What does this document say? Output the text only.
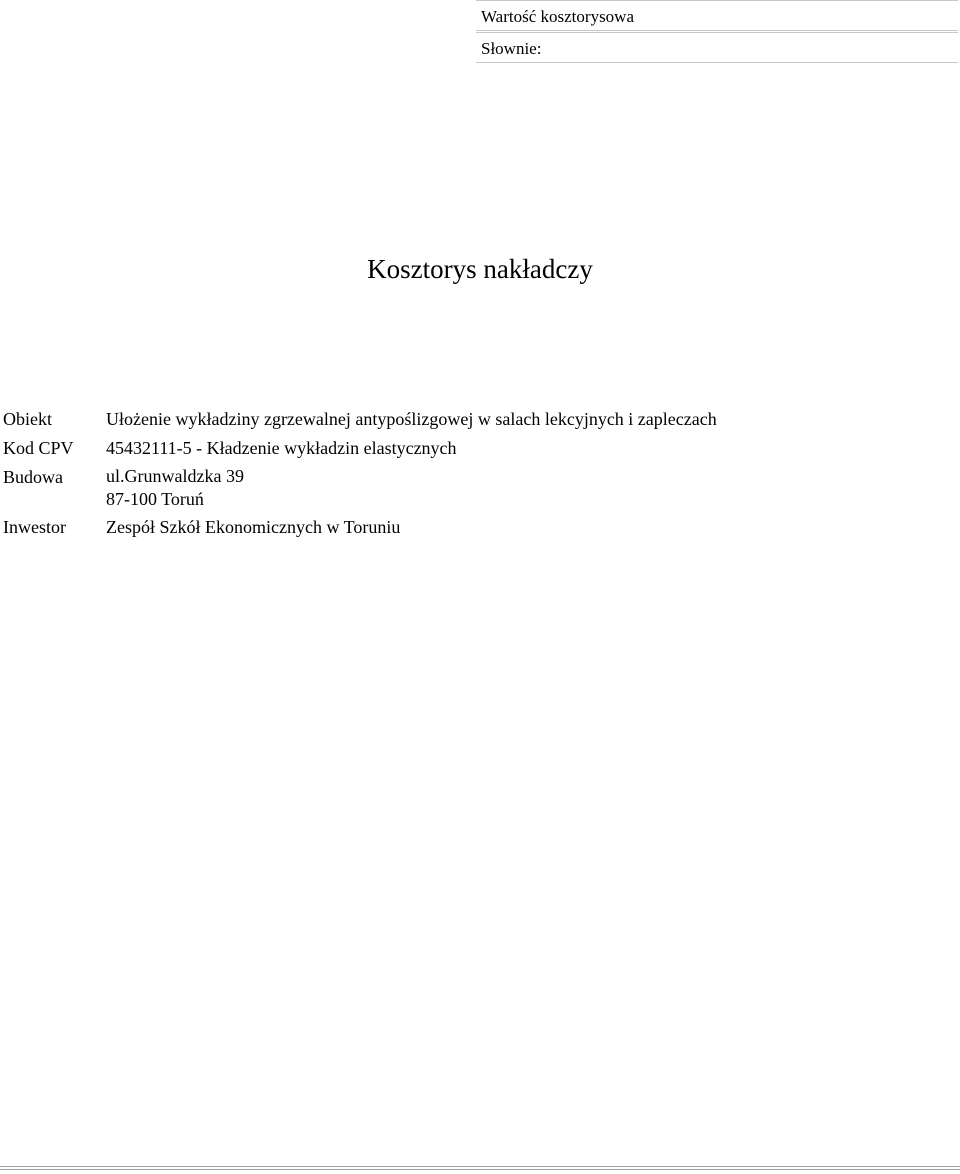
Wartość kosztorysowa
Słownie:
Kosztorys nakładczy
Obiekt	Ułożenie wykładziny zgrzewalnej antypoślizgowej w salach lekcyjnych i zapleczach
Kod CPV	45432111-5 - Kładzenie wykładzin elastycznych
Budowa	ul.Grunwaldzka 39
87-100 Toruń
Inwestor	Zespół Szkół Ekonomicznych w Toruniu
